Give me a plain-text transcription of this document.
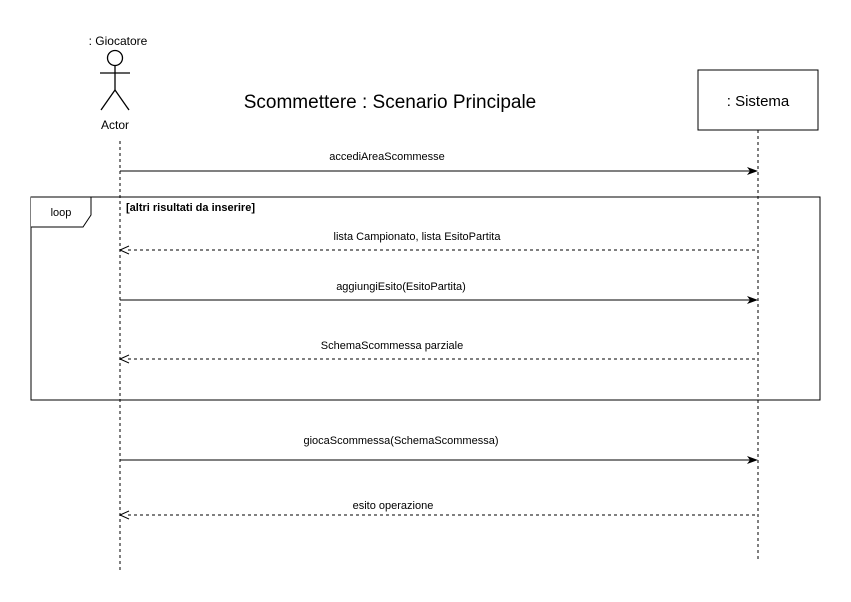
: Giocatore
Actor
Scommettere : Scenario Principale	: Sistema
loop	[altri risultati da inserire]
accediAreaScommesse
lista Campionato, lista EsitoPartita
aggiungiEsito(EsitoPartita)
SchemaScommessa parziale
giocaScommessa(SchemaScommessa)
esito operazione
